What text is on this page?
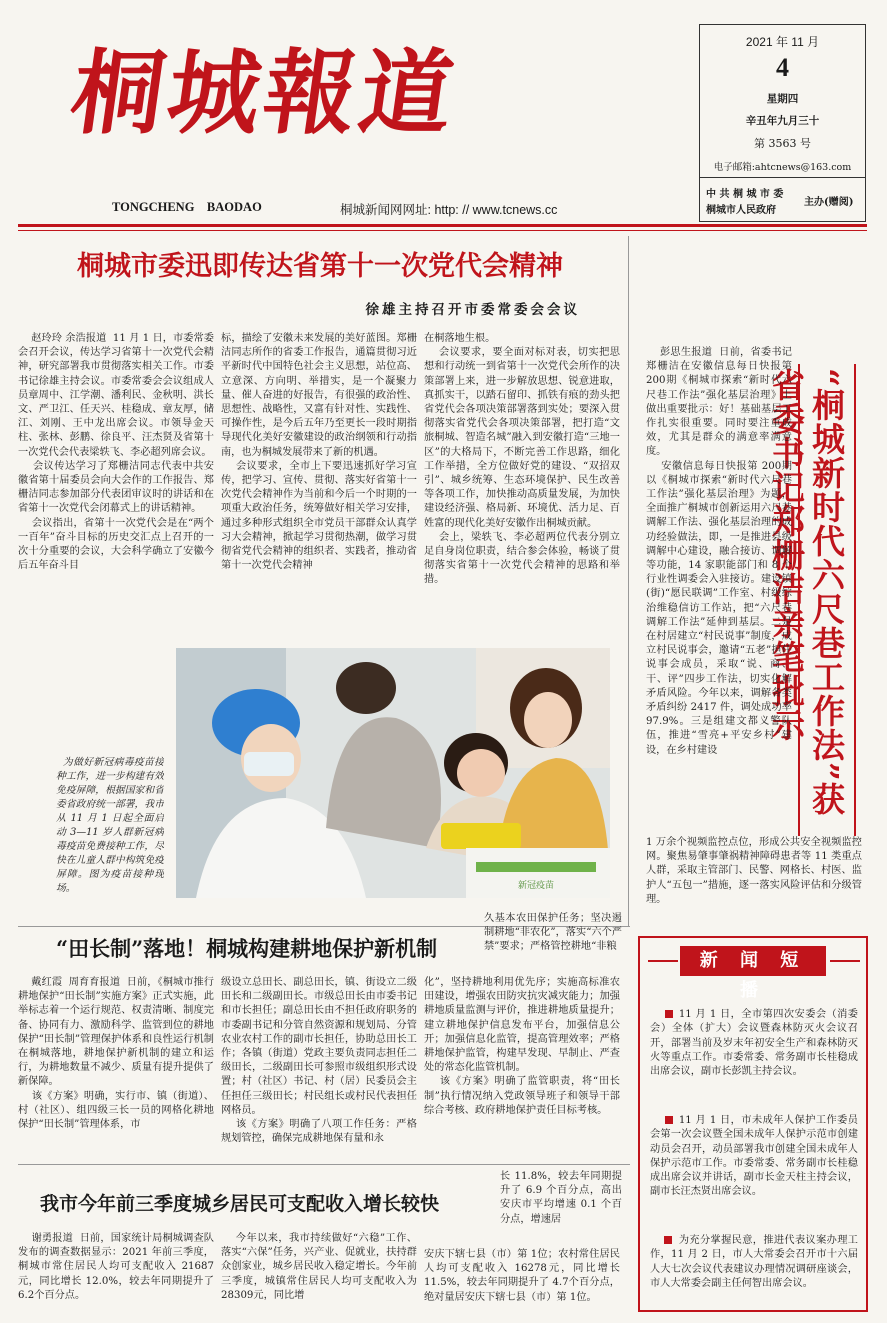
桐城報道
TONGCHENG    BAODAO	桐城新闻网网址: http: // www.tcnews.cc
2021 年 11 月
4
星期四
辛丑年九月三十
第 3563 号
电子邮箱:ahtcnews@163.com
中 共 桐 城 市 委
桐城市人民政府
主办(赠阅)
桐城市委迅即传达省第十一次党代会精神
徐雄主持召开市委常委会会议
赵玲玲 余浩报道  11 月 1 日，市委常委会召开会议，传达学习省第十一次党代会精神，研究部署我市贯彻落实相关工作。市委书记徐雄主持会议。市委常委会会议组成人员章周中、江学潮、潘利民、金秋明、洪长文、严卫江、任天兴、桂稳成、章友厚，储江、刘刚、王中龙出席会议。市领导金天柱、张林、彭鹏、徐良平、汪杰贤及省第十一次党代会代表梁轶飞、李必超列席会议。
会议传达学习了郑栅洁同志代表中共安徽省第十届委员会向大会作的工作报告、郑栅洁同志参加部分代表团审议时的讲话和在省第十一次党代会闭幕式上的讲话精神。
会议指出，省第十一次党代会是在“两个一百年”奋斗目标的历史交汇点上召开的一次十分重要的会议，大会科学确立了安徽今后五年奋斗目
标，描绘了安徽未来发展的美好蓝图。郑栅洁同志所作的省委工作报告，通篇贯彻习近平新时代中国特色社会主义思想，站位高、立意深、方向明、举措实，是一个凝聚力量、催人奋进的好报告，有很强的政治性、思想性、战略性，又富有针对性、实践性、可操作性，是今后五年乃至更长一段时期指导现代化美好安徽建设的政治纲领和行动指南，也为桐城发展带来了新的机遇。
会议要求，全市上下要迅速抓好学习宣传，把学习、宣传、贯彻、落实好省第十一次党代会精神作为当前和今后一个时期的一项重大政治任务，统筹做好相关学习安排，通过多种形式组织全市党员干部群众认真学习大会精神，掀起学习贯彻热潮，做学习贯彻省党代会精神的组织者、实践者，推动省第十一次党代会精神
在桐落地生根。
会议要求，要全面对标对表，切实把思想和行动统一到省第十一次党代会所作的决策部署上来，进一步解放思想、锐意进取，真抓实干，以踏石留印、抓铁有痕的劲头把省党代会各项决策部署落到实处；要深入贯彻落实省党代会各项决策部署，把打造“文旅桐城、智造名城”融入到安徽打造“三地一区”的大格局下，不断完善工作思路，细化工作举措，全方位做好党的建设、“双招双引”、城乡统筹、生态环境保护、民生改善等各项工作，加快推动高质量发展，为加快建设经济强、格局新、环境优、活力足、百姓富的现代化美好安徽作出桐城贡献。
会上，梁轶飞、李必超两位代表分别立足自身岗位职责，结合参会体验，畅谈了贯彻落实省第十一次党代会精神的思路和举措。	“桐城新时代六尺巷工作法”获省委书记郑栅洁亲笔批示
彭思生报道  日前，省委书记郑栅洁在安徽信息每日快报第 200期《桐城市探索“新时代六尺巷工作法”强化基层治理》上做出重要批示：好！基础基层工作扎实很重要。同时要注重成效，尤其是群众的满意率满意度。
安徽信息每日快报第 200期以《桐城市探索“新时代六尺巷工作法”强化基层治理》为题，全面推广桐城市创新运用六尺巷调解工作法、强化基层治理的成功经验做法，即，一是推进县级调解中心建设，融合接访、调解等功能，14 家职能部门和 8 个行业性调委会入驻接访。建设镇(街)“愿民联调”工作室、村级综治维稳信访工作站，把“六尺巷调解工作法”延伸到基层。二是在村居建立“村民说事”制度，成立村民说事会，邀请“五老”担任说事会成员，采取“说、商、干、评”四步工作法，切实化解矛盾风险。今年以来，调解各类矛盾纠纷 2417 件，调处成功率 97.9%。三是组建文都义警队伍，推进“雪亮+平安乡村”建设，在乡村建设
1 万余个视频监控点位，形成公共安全视频监控网。聚焦易肇事肇祸精神障碍患者等 11 类重点人群，采取主管部门、民警、网格长、村医、监护人“五包一”措施，逐一落实风险评估和分级管理。

为做好新冠病毒疫苗接种工作，进一步构建有效免疫屏障，根据国家和省委省政府统一部署，我市从 11 月 1 日起全面启动 3—11 岁人群新冠病毒疫苗免费接种工作，尽快在儿童人群中构筑免疫屏障。图为疫苗接种现场。
	新冠疫苗
久基本农田保护任务；坚决遏制耕地“非农化”，落实“六个严禁”要求；严格管控耕地“非粮
“田长制”落地！桐城构建耕地保护新机制
戴红霞  周育育报道  日前，《桐城市推行耕地保护“田长制”实施方案》正式实施，此举标志着一个运行规范、权责清晰、制度完备、协同有力、激励科学、监管到位的耕地保护“田长制”管理保护体系和良性运行机制在桐城落地，耕地保护新机制的建立和运行，为耕地数量不减少、质量有提升提供了新保障。
该《方案》明确，实行市、镇（街道）、村（社区）、组四级三长一员的网格化耕地保护“田长制”管理体系，市
级设立总田长、副总田长，镇、街设立二级田长和二级副田长。市级总田长由市委书记和市长担任；副总田长由不担任政府职务的市委副书记和分管自然资源和规划局、分管农业农村工作的副市长担任，协助总田长工作；各镇（街道）党政主要负责同志担任二级田长，二级副田长可参照市级组织形式设置；村（社区）书记、村（居）民委员会主任担任三级田长；村民组长或村民代表担任网格员。
该《方案》明确了八项工作任务：严格规划管控，确保完成耕地保有量和永
化”，坚持耕地利用优先序；实施高标准农田建设，增强农田防灾抗灾减灾能力；加强耕地质量监测与评价，推进耕地质量提升；建立耕地保护信息发布平台，加强信息公开；加强信息化监管，提高管理效率；严格耕地保护监管，构建早发现、早制止、严查处的常态化监管机制。
该《方案》明确了监管职责，将“田长制”执行情况纳入党政领导班子和领导干部综合考核、政府耕地保护责任目标考核。
长 11.8%，较去年同期提升了 6.9 个百分点，高出安庆市平均增速 0.1 个百分点，增速居
我市今年前三季度城乡居民可支配收入增长较快
谢勇报道  日前，国家统计局桐城调查队发布的调查数据显示：2021 年前三季度，桐城市常住居民人均可支配收入 21687元，同比增长 12.0%，较去年同期提升了 6.2个百分点。
今年以来，我市持续做好“六稳”工作、落实“六保”任务，兴产业、促就业，扶持群众创家业，城乡居民收入稳定增长。今年前三季度，城镇常住居民人均可支配收入为 28309元，同比增
安庆下辖七县（市）第 1位；农村常住居民人均可支配收入 16278元，同比增长 11.5%，较去年同期提升了 4.7个百分点，绝对量居安庆下辖七县（市）第 1位。
新 闻 短 播

11 月 1 日，全市第四次安委会（消委会）全体（扩大）会议暨森林防灭火会议召开，部署当前及岁末年初安全生产和森林防灭火等重点工作。市委常委、常务副市长桂稳成出席会议，副市长彭凯主持会议。

11 月 1 日，市未成年人保护工作委员会第一次会议暨全国未成年人保护示范市创建动员会召开，动员部署我市创建全国未成年人保护示范市工作。市委常委、常务副市长桂稳成出席会议并讲话，副市长金天柱主持会议，副市长汪杰贤出席会议。

为充分掌握民意，推进代表议案办理工作，11 月 2 日，市人大常委会召开市十六届人大七次会议代表建议办理情况调研座谈会，市人大常委会副主任何智出席会议。
